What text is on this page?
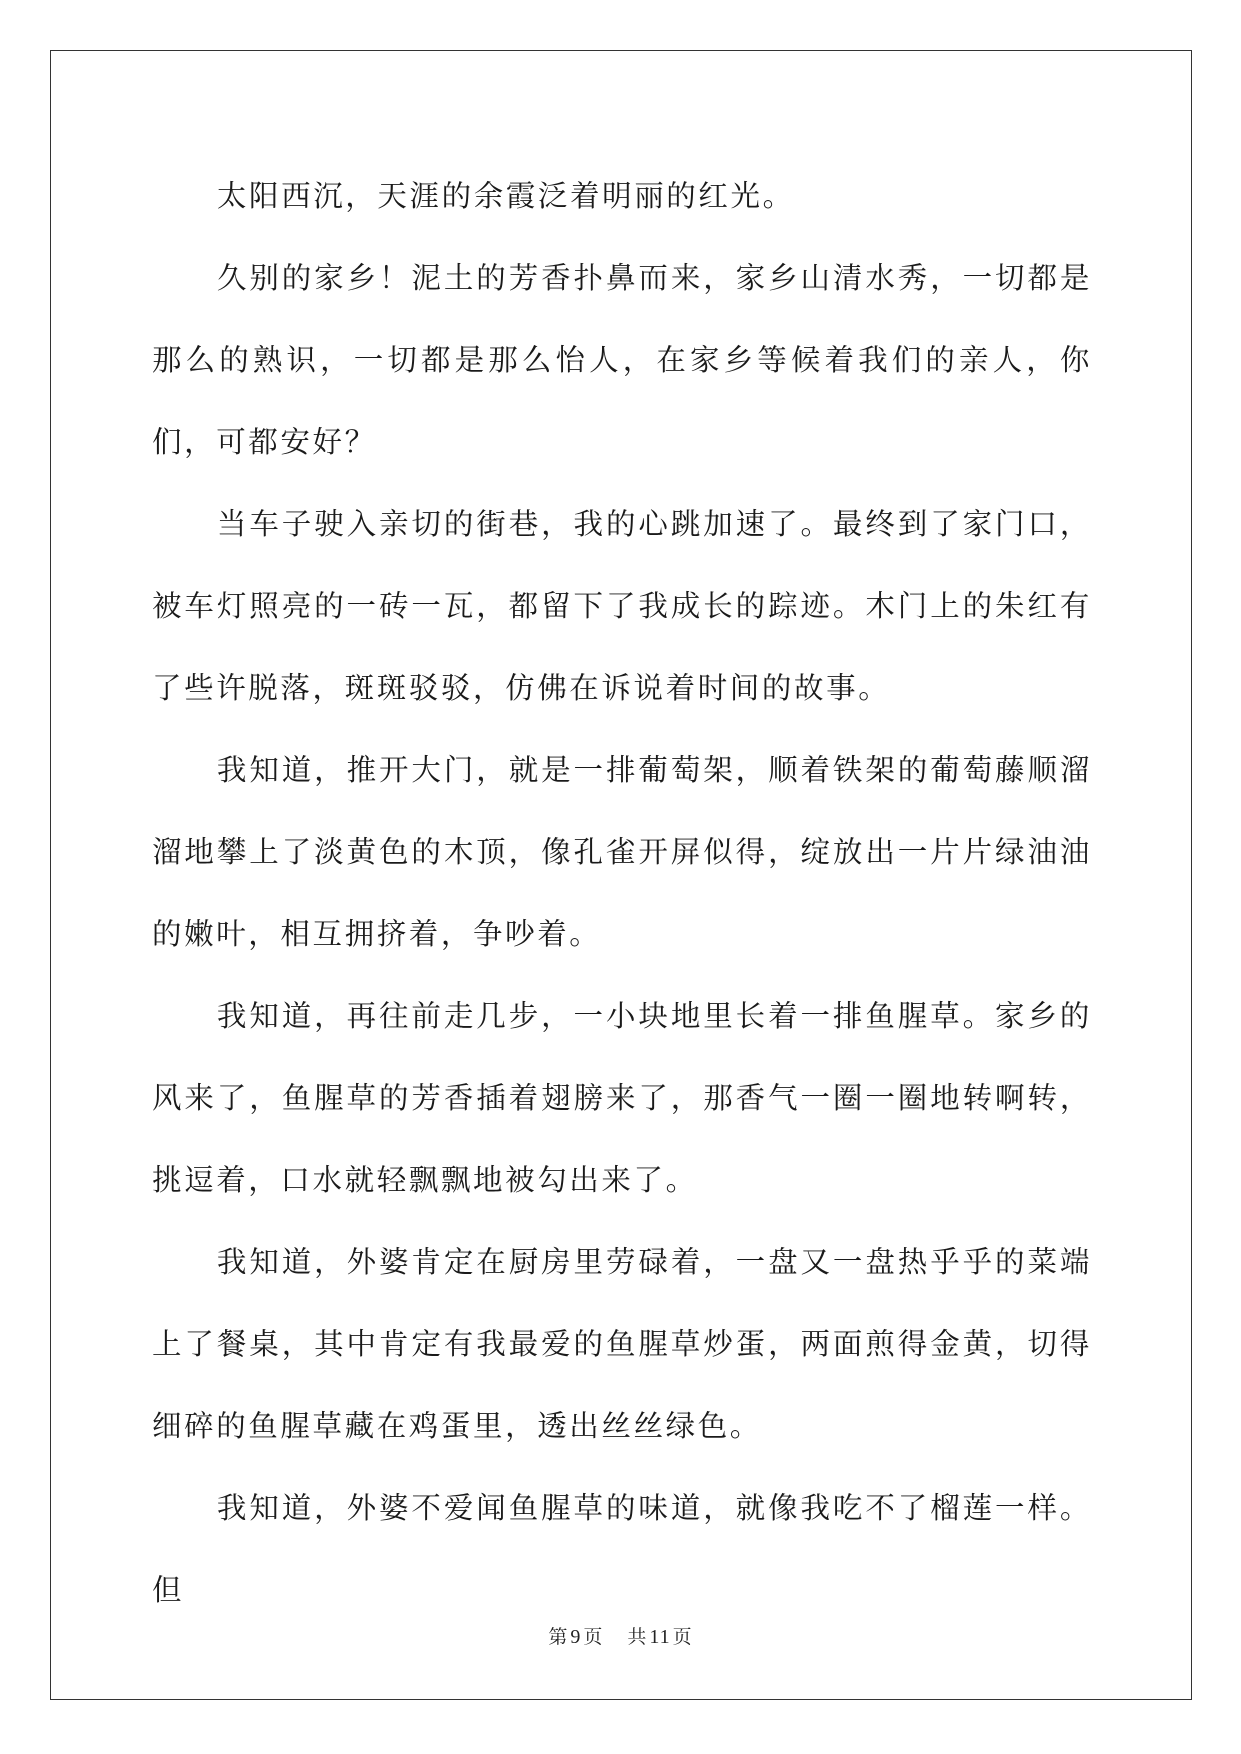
太阳西沉，天涯的余霞泛着明丽的红光。

久别的家乡！泥土的芳香扑鼻而来，家乡山清水秀，一切都是那么的熟识，一切都是那么怡人，在家乡等候着我们的亲人，你们，可都安好？

当车子驶入亲切的街巷，我的心跳加速了。最终到了家门口，被车灯照亮的一砖一瓦，都留下了我成长的踪迹。木门上的朱红有了些许脱落，斑斑驳驳，仿佛在诉说着时间的故事。

我知道，推开大门，就是一排葡萄架，顺着铁架的葡萄藤顺溜溜地攀上了淡黄色的木顶，像孔雀开屏似得，绽放出一片片绿油油的嫩叶，相互拥挤着，争吵着。

我知道，再往前走几步，一小块地里长着一排鱼腥草。家乡的风来了，鱼腥草的芳香插着翅膀来了，那香气一圈一圈地转啊转，挑逗着，口水就轻飘飘地被勾出来了。

我知道，外婆肯定在厨房里劳碌着，一盘又一盘热乎乎的菜端上了餐桌，其中肯定有我最爱的鱼腥草炒蛋，两面煎得金黄，切得细碎的鱼腥草藏在鸡蛋里，透出丝丝绿色。

我知道，外婆不爱闻鱼腥草的味道，就像我吃不了榴莲一样。但

第 9 页 共 11 页
